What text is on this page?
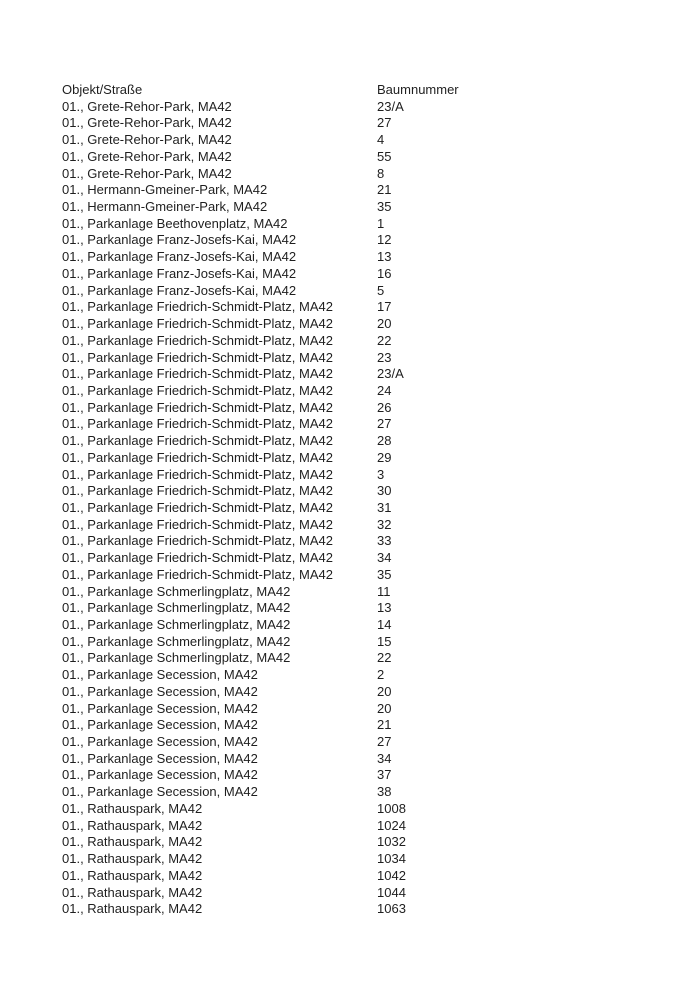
Objekt/Straße	Baumnummer
01., Grete-Rehor-Park, MA42	23/A
01., Grete-Rehor-Park, MA42	27
01., Grete-Rehor-Park, MA42	4
01., Grete-Rehor-Park, MA42	55
01., Grete-Rehor-Park, MA42	8
01., Hermann-Gmeiner-Park, MA42	21
01., Hermann-Gmeiner-Park, MA42	35
01., Parkanlage Beethovenplatz, MA42	1
01., Parkanlage Franz-Josefs-Kai, MA42	12
01., Parkanlage Franz-Josefs-Kai, MA42	13
01., Parkanlage Franz-Josefs-Kai, MA42	16
01., Parkanlage Franz-Josefs-Kai, MA42	5
01., Parkanlage Friedrich-Schmidt-Platz, MA42	17
01., Parkanlage Friedrich-Schmidt-Platz, MA42	20
01., Parkanlage Friedrich-Schmidt-Platz, MA42	22
01., Parkanlage Friedrich-Schmidt-Platz, MA42	23
01., Parkanlage Friedrich-Schmidt-Platz, MA42	23/A
01., Parkanlage Friedrich-Schmidt-Platz, MA42	24
01., Parkanlage Friedrich-Schmidt-Platz, MA42	26
01., Parkanlage Friedrich-Schmidt-Platz, MA42	27
01., Parkanlage Friedrich-Schmidt-Platz, MA42	28
01., Parkanlage Friedrich-Schmidt-Platz, MA42	29
01., Parkanlage Friedrich-Schmidt-Platz, MA42	3
01., Parkanlage Friedrich-Schmidt-Platz, MA42	30
01., Parkanlage Friedrich-Schmidt-Platz, MA42	31
01., Parkanlage Friedrich-Schmidt-Platz, MA42	32
01., Parkanlage Friedrich-Schmidt-Platz, MA42	33
01., Parkanlage Friedrich-Schmidt-Platz, MA42	34
01., Parkanlage Friedrich-Schmidt-Platz, MA42	35
01., Parkanlage Schmerlingplatz, MA42	11
01., Parkanlage Schmerlingplatz, MA42	13
01., Parkanlage Schmerlingplatz, MA42	14
01., Parkanlage Schmerlingplatz, MA42	15
01., Parkanlage Schmerlingplatz, MA42	22
01., Parkanlage Secession, MA42	2
01., Parkanlage Secession, MA42	20
01., Parkanlage Secession, MA42	20
01., Parkanlage Secession, MA42	21
01., Parkanlage Secession, MA42	27
01., Parkanlage Secession, MA42	34
01., Parkanlage Secession, MA42	37
01., Parkanlage Secession, MA42	38
01., Rathauspark, MA42	1008
01., Rathauspark, MA42	1024
01., Rathauspark, MA42	1032
01., Rathauspark, MA42	1034
01., Rathauspark, MA42	1042
01., Rathauspark, MA42	1044
01., Rathauspark, MA42	1063
